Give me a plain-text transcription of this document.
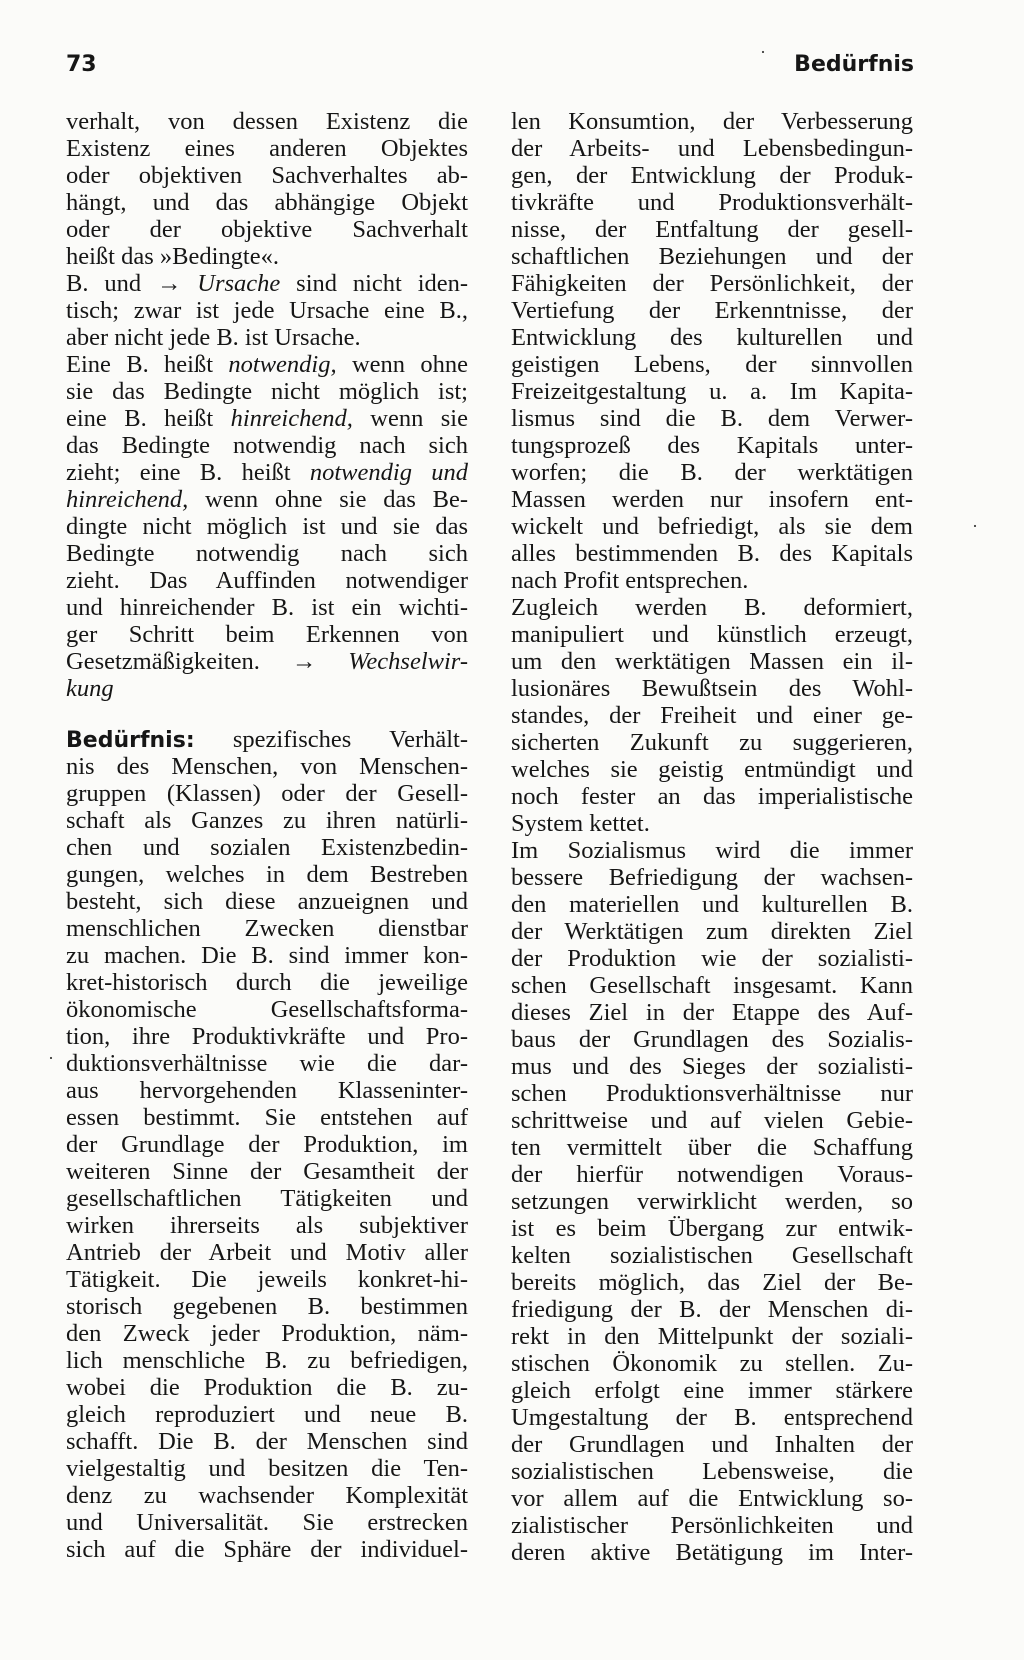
73	Bedürfnis
verhalt, von dessen Existenz die
Existenz eines anderen Objektes
oder objektiven Sachverhaltes ab-
hängt, und das abhängige Objekt
oder der objektive Sachverhalt
heißt das »Bedingte«.
B. und → Ursache sind nicht iden-
tisch; zwar ist jede Ursache eine B.,
aber nicht jede B. ist Ursache.
Eine B. heißt notwendig, wenn ohne
sie das Bedingte nicht möglich ist;
eine B. heißt hinreichend, wenn sie
das Bedingte notwendig nach sich
zieht; eine B. heißt notwendig und
hinreichend, wenn ohne sie das Be-
dingte nicht möglich ist und sie das
Bedingte notwendig nach sich
zieht. Das Auffinden notwendiger
und hinreichender B. ist ein wichti-
ger Schritt beim Erkennen von
Gesetzmäßigkeiten. → Wechselwir-
kung
Bedürfnis: spezifisches Verhält-
nis des Menschen, von Menschen-
gruppen (Klassen) oder der Gesell-
schaft als Ganzes zu ihren natürli-
chen und sozialen Existenzbedin-
gungen, welches in dem Bestreben
besteht, sich diese anzueignen und
menschlichen Zwecken dienstbar
zu machen. Die B. sind immer kon-
kret-historisch durch die jeweilige
ökonomische Gesellschaftsforma-
tion, ihre Produktivkräfte und Pro-
duktionsverhältnisse wie die dar-
aus hervorgehenden Klasseninter-
essen bestimmt. Sie entstehen auf
der Grundlage der Produktion, im
weiteren Sinne der Gesamtheit der
gesellschaftlichen Tätigkeiten und
wirken ihrerseits als subjektiver
Antrieb der Arbeit und Motiv aller
Tätigkeit. Die jeweils konkret-hi-
storisch gegebenen B. bestimmen
den Zweck jeder Produktion, näm-
lich menschliche B. zu befriedigen,
wobei die Produktion die B. zu-
gleich reproduziert und neue B.
schafft. Die B. der Menschen sind
vielgestaltig und besitzen die Ten-
denz zu wachsender Komplexität
und Universalität. Sie erstrecken
sich auf die Sphäre der individuel-
len Konsumtion, der Verbesserung
der Arbeits- und Lebensbedingun-
gen, der Entwicklung der Produk-
tivkräfte und Produktionsverhält-
nisse, der Entfaltung der gesell-
schaftlichen Beziehungen und der
Fähigkeiten der Persönlichkeit, der
Vertiefung der Erkenntnisse, der
Entwicklung des kulturellen und
geistigen Lebens, der sinnvollen
Freizeitgestaltung u. a. Im Kapita-
lismus sind die B. dem Verwer-
tungsprozeß des Kapitals unter-
worfen; die B. der werktätigen
Massen werden nur insofern ent-
wickelt und befriedigt, als sie dem
alles bestimmenden B. des Kapitals
nach Profit entsprechen.
Zugleich werden B. deformiert,
manipuliert und künstlich erzeugt,
um den werktätigen Massen ein il-
lusionäres Bewußtsein des Wohl-
standes, der Freiheit und einer ge-
sicherten Zukunft zu suggerieren,
welches sie geistig entmündigt und
noch fester an das imperialistische
System kettet.
Im Sozialismus wird die immer
bessere Befriedigung der wachsen-
den materiellen und kulturellen B.
der Werktätigen zum direkten Ziel
der Produktion wie der sozialisti-
schen Gesellschaft insgesamt. Kann
dieses Ziel in der Etappe des Auf-
baus der Grundlagen des Sozialis-
mus und des Sieges der sozialisti-
schen Produktionsverhältnisse nur
schrittweise und auf vielen Gebie-
ten vermittelt über die Schaffung
der hierfür notwendigen Voraus-
setzungen verwirklicht werden, so
ist es beim Übergang zur entwik-
kelten sozialistischen Gesellschaft
bereits möglich, das Ziel der Be-
friedigung der B. der Menschen di-
rekt in den Mittelpunkt der soziali-
stischen Ökonomik zu stellen. Zu-
gleich erfolgt eine immer stärkere
Umgestaltung der B. entsprechend
der Grundlagen und Inhalten der
sozialistischen Lebensweise, die
vor allem auf die Entwicklung so-
zialistischer Persönlichkeiten und
deren aktive Betätigung im Inter-
·
·
·
